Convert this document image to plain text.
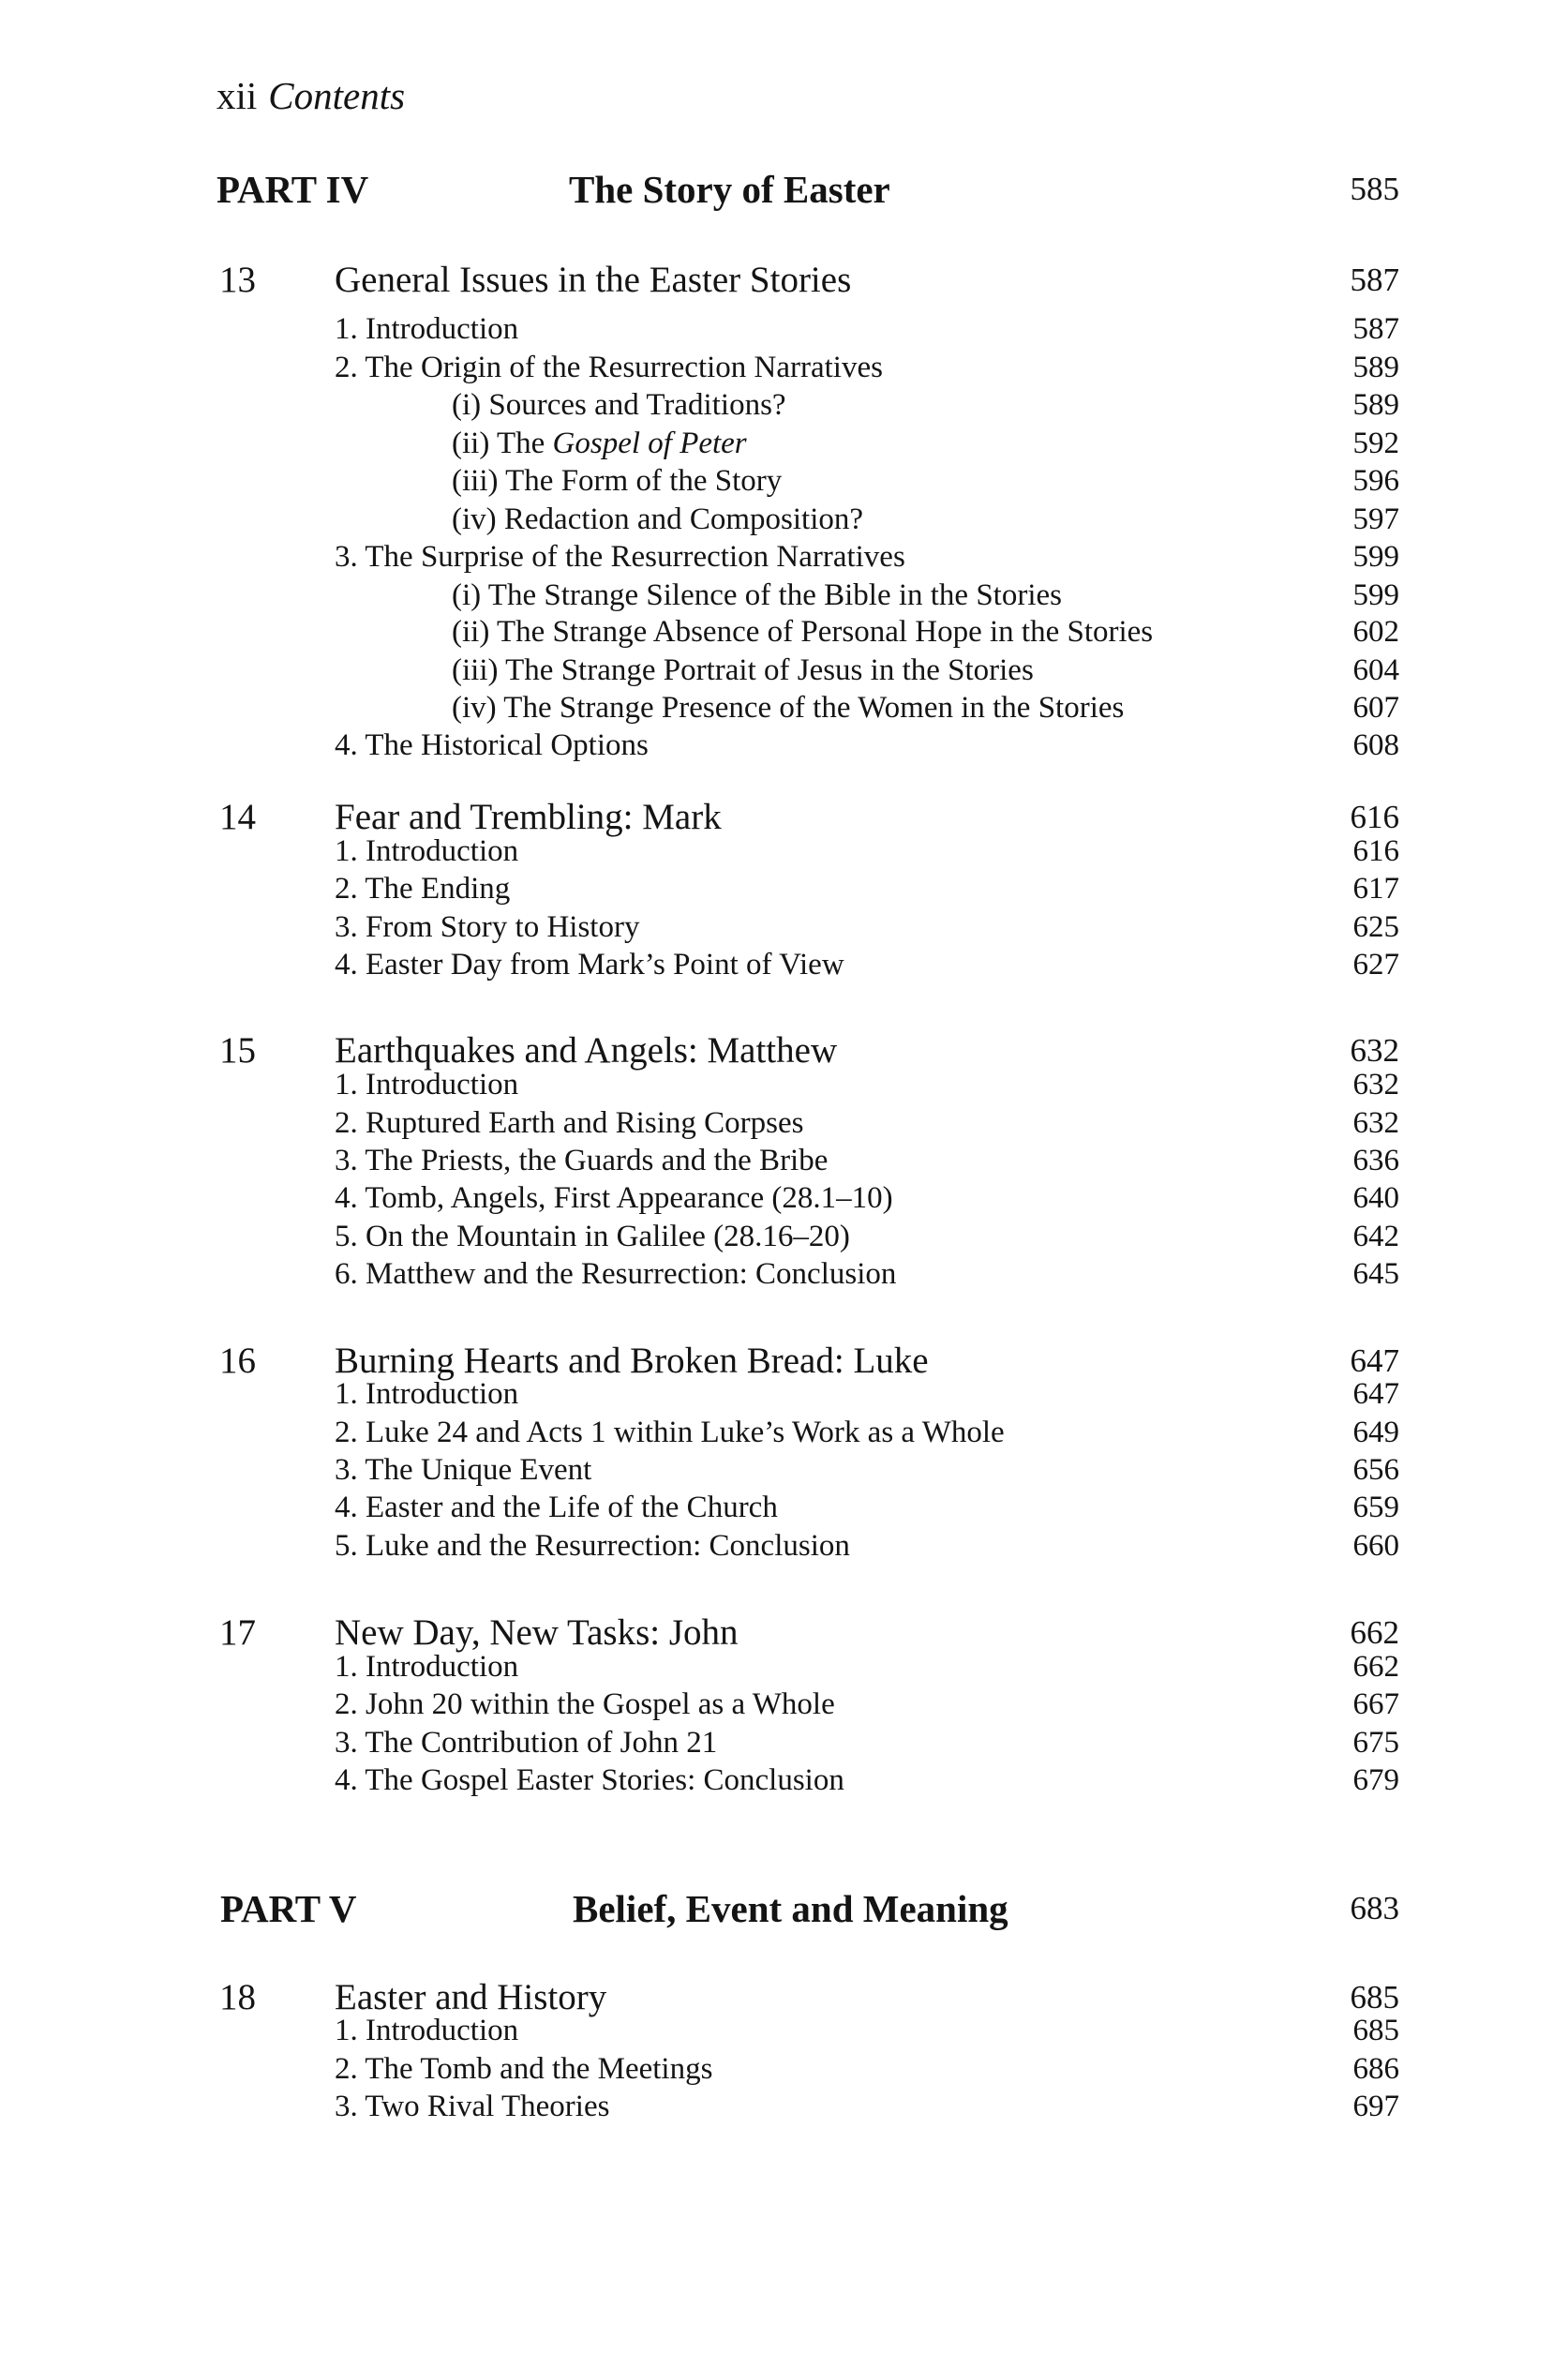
xii Contents
PART IV	The Story of Easter	585
13 General Issues in the Easter Stories	587
1. Introduction	587
2. The Origin of the Resurrection Narratives	589
(i) Sources and Traditions?	589
(ii) The Gospel of Peter	592
(iii) The Form of the Story	596
(iv) Redaction and Composition?	597
3. The Surprise of the Resurrection Narratives	599
(i) The Strange Silence of the Bible in the Stories	599
(ii) The Strange Absence of Personal Hope in the Stories	602
(iii) The Strange Portrait of Jesus in the Stories	604
(iv) The Strange Presence of the Women in the Stories	607
4. The Historical Options	608
14 Fear and Trembling: Mark	616
1. Introduction	616
2. The Ending	617
3. From Story to History	625
4. Easter Day from Mark’s Point of View	627
15 Earthquakes and Angels: Matthew	632
1. Introduction	632
2. Ruptured Earth and Rising Corpses	632
3. The Priests, the Guards and the Bribe	636
4. Tomb, Angels, First Appearance (28.1–10)	640
5. On the Mountain in Galilee (28.16–20)	642
6. Matthew and the Resurrection: Conclusion	645
16 Burning Hearts and Broken Bread: Luke	647
1. Introduction	647
2. Luke 24 and Acts 1 within Luke’s Work as a Whole	649
3. The Unique Event	656
4. Easter and the Life of the Church	659
5. Luke and the Resurrection: Conclusion	660
17 New Day, New Tasks: John	662
1. Introduction	662
2. John 20 within the Gospel as a Whole	667
3. The Contribution of John 21	675
4. The Gospel Easter Stories: Conclusion	679
PART V	Belief, Event and Meaning	683
18 Easter and History	685
1. Introduction	685
2. The Tomb and the Meetings	686
3. Two Rival Theories	697
